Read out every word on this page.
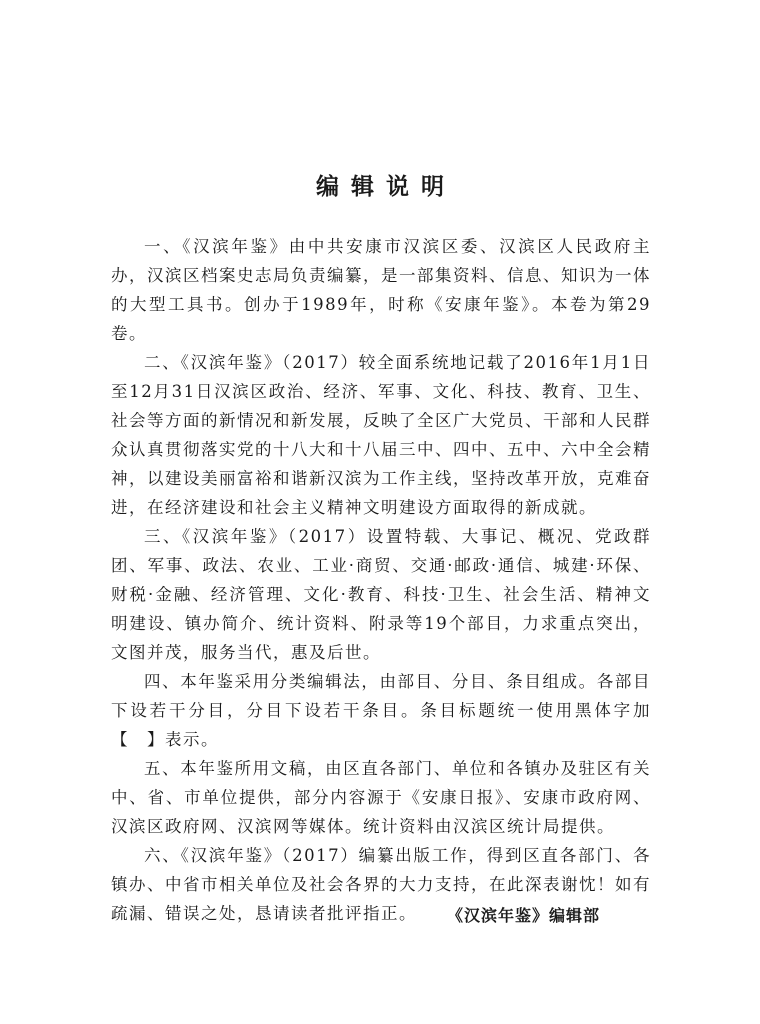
编辑说明

一、《汉滨年鉴》由中共安康市汉滨区委、汉滨区人民政府主办，汉滨区档案史志局负责编纂，是一部集资料、信息、知识为一体的大型工具书。创办于1989年，时称《安康年鉴》。本卷为第29卷。

二、《汉滨年鉴》（2017）较全面系统地记载了2016年1月1日至12月31日汉滨区政治、经济、军事、文化、科技、教育、卫生、社会等方面的新情况和新发展，反映了全区广大党员、干部和人民群众认真贯彻落实党的十八大和十八届三中、四中、五中、六中全会精神，以建设美丽富裕和谐新汉滨为工作主线，坚持改革开放，克难奋进，在经济建设和社会主义精神文明建设方面取得的新成就。

三、《汉滨年鉴》（2017）设置特载、大事记、概况、党政群团、军事、政法、农业、工业·商贸、交通·邮政·通信、城建·环保、财税·金融、经济管理、文化·教育、科技·卫生、社会生活、精神文明建设、镇办简介、统计资料、附录等19个部目，力求重点突出，文图并茂，服务当代，惠及后世。

四、本年鉴采用分类编辑法，由部目、分目、条目组成。各部目下设若干分目，分目下设若干条目。条目标题统一使用黑体字加【　】表示。

五、本年鉴所用文稿，由区直各部门、单位和各镇办及驻区有关中、省、市单位提供，部分内容源于《安康日报》、安康市政府网、汉滨区政府网、汉滨网等媒体。统计资料由汉滨区统计局提供。

六、《汉滨年鉴》（2017）编纂出版工作，得到区直各部门、各镇办、中省市相关单位及社会各界的大力支持，在此深表谢忱！如有疏漏、错误之处，恳请读者批评指正。	《汉滨年鉴》编辑部
